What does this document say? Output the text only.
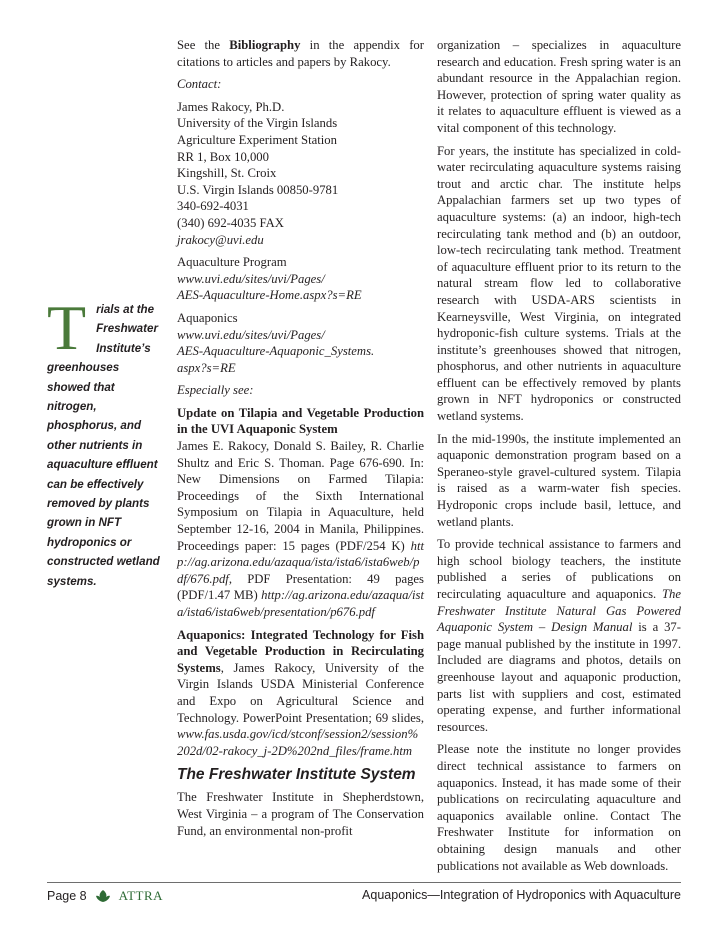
T rials at the Freshwater Institute’s greenhouses showed that nitrogen, phosphorus, and other nutrients in aquaculture effluent can be effectively removed by plants grown in NFT hydroponics or constructed wetland systems.

See the Bibliography in the appendix for citations to articles and papers by Rakocy.

Contact:

James Rakocy, Ph.D.
University of the Virgin Islands
Agriculture Experiment Station
RR 1, Box 10,000
Kingshill, St. Croix
U.S. Virgin Islands 00850-9781
340-692-4031
(340) 692-4035 FAX
jrakocy@uvi.edu
Aquaculture Program
www.uvi.edu/sites/uvi/Pages/
AES-Aquaculture-Home.aspx?s=RE
Aquaponics
www.uvi.edu/sites/uvi/Pages/
AES-Aquaculture-Aquaponic_Systems.
aspx?s=RE

Especially see:

Update on Tilapia and Vegetable Production in the UVI Aquaponic System
James E. Rakocy, Donald S. Bailey, R. Charlie Shultz and Eric S. Thoman. Page 676-690. In: New Dimensions on Farmed Tilapia: Proceedings of the Sixth International Symposium on Tilapia in Aquaculture, held September 12-16, 2004 in Manila, Philippines. Proceedings paper: 15 pages (PDF/254 K) http://ag.arizona.edu/azaqua/ista/ista6/ista6web/pdf/676.pdf, PDF Presentation: 49 pages (PDF/1.47 MB) http://ag.arizona.edu/azaqua/ista/ista6/ista6web/presentation/p676.pdf

Aquaponics: Integrated Technology for Fish and Vegetable Production in Recirculating Systems, James Rakocy, University of the Virgin Islands USDA Ministerial Conference and Expo on Agricultural Science and Technology. PowerPoint Presentation; 69 slides, www.fas.usda.gov/icd/stconf/session2/session%202d/02-rakocy_j-2D%202nd_files/frame.htm

The Freshwater Institute System

The Freshwater Institute in Shepherdstown, West Virginia – a program of The Conservation Fund, an environmental non-profit

organization – specializes in aquaculture research and education. Fresh spring water is an abundant resource in the Appalachian region. However, protection of spring water quality as it relates to aquaculture effluent is viewed as a vital component of this technology.

For years, the institute has specialized in cold-water recirculating aquaculture systems raising trout and arctic char. The institute helps Appalachian farmers set up two types of aquaculture systems: (a) an indoor, high-tech recirculating tank method and (b) an outdoor, low-tech recirculating tank method. Treatment of aquaculture effluent prior to its return to the natural stream flow led to collaborative research with USDA-ARS scientists in Kearneysville, West Virginia, on integrated hydroponic-fish culture systems. Trials at the institute’s greenhouses showed that nitrogen, phosphorus, and other nutrients in aquaculture effluent can be effectively removed by plants grown in NFT hydroponics or constructed wetland systems.

In the mid-1990s, the institute implemented an aquaponic demonstration program based on a Speraneo-style gravel-cultured system. Tilapia is raised as a warm-water fish species. Hydroponic crops include basil, lettuce, and wetland plants.

To provide technical assistance to farmers and high school biology teachers, the institute published a series of publications on recirculating aquaculture and aquaponics. The Freshwater Institute Natural Gas Powered Aquaponic System – Design Manual is a 37-page manual published by the institute in 1997. Included are diagrams and photos, details on greenhouse layout and aquaponic production, parts list with suppliers and cost, estimated operating expense, and further informational resources.

Please note the institute no longer provides direct technical assistance to farmers on aquaponics. Instead, it has made some of their publications on recirculating aquaculture and aquaponics available online. Contact The Freshwater Institute for information on obtaining design manuals and other publications not available as Web downloads.

Page 8 ATTRA	Aquaponics—Integration of Hydroponics with Aquaculture
